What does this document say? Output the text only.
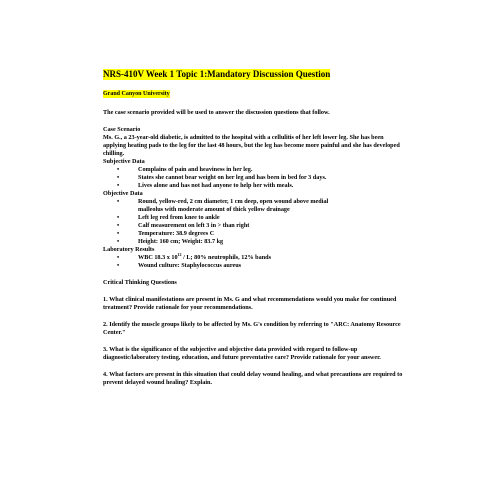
NRS-410V Week 1 Topic 1:Mandatory Discussion Question
Grand Canyon University
The case scenario provided will be used to answer the discussion questions that follow.
Case Scenario
Ms. G., a 23-year-old diabetic, is admitted to the hospital with a cellulitis of her left lower leg. She has been applying heating pads to the leg for the last 48 hours, but the leg has become more painful and she has developed chilling.
Subjective Data
•	Complains of pain and heaviness in her leg.
•	States she cannot bear weight on her leg and has been in bed for 3 days.
•	Lives alone and has not had anyone to help her with meals.
Objective Data
•	Round, yellow-red, 2 cm diameter, 1 cm deep, open wound above medial
malleolus with moderate amount of thick yellow drainage
•	Left leg red from knee to ankle
•	Calf measurement on left 3 in > than right
•	Temperature: 38.9 degrees C
•	Height: 160 cm; Weight: 83.7 kg
Laboratory Results
•	WBC 18.3 x $10^{12}$ / L; 80% neutrophils, 12% bands
•	Wound culture: Staphylococcus aureus
Critical Thinking Questions
1. What clinical manifestations are present in Ms. G and what recommendations would you make for continued treatment? Provide rationale for your recommendations.
2. Identify the muscle groups likely to be affected by Ms. G's condition by referring to "ARC: Anatomy Resource Center."
3. What is the significance of the subjective and objective data provided with regard to follow-up diagnostic/laboratory testing, education, and future preventative care? Provide rationale for your answer.
4. What factors are present in this situation that could delay wound healing, and what precautions are required to prevent delayed wound healing? Explain.
